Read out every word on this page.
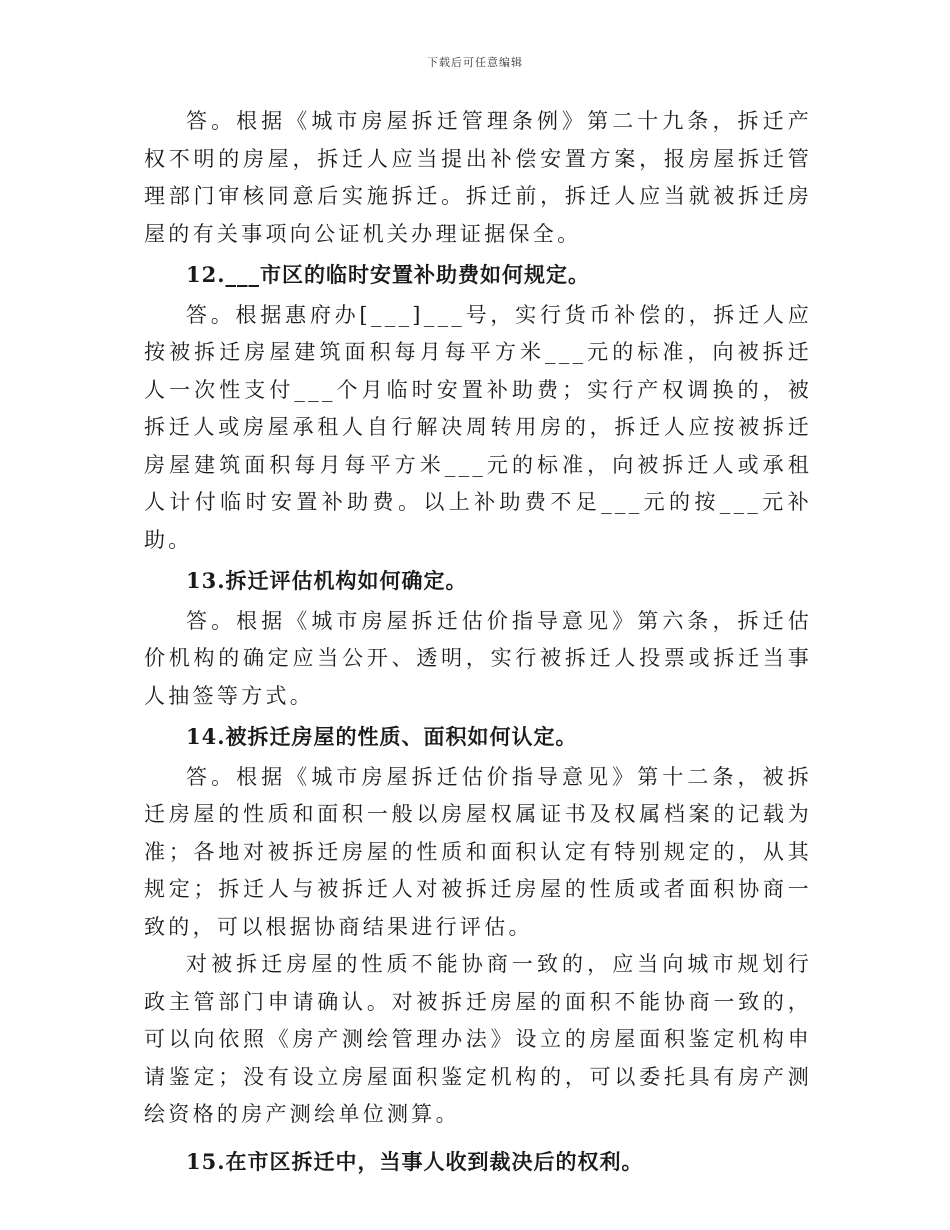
下载后可任意编辑

答。根据《城市房屋拆迁管理条例》第二十九条，拆迁产权不明的房屋，拆迁人应当提出补偿安置方案，报房屋拆迁管理部门审核同意后实施拆迁。拆迁前，拆迁人应当就被拆迁房屋的有关事项向公证机关办理证据保全。

12.___市区的临时安置补助费如何规定。

答。根据惠府办[___]___号，实行货币补偿的，拆迁人应按被拆迁房屋建筑面积每月每平方米___元的标准，向被拆迁人一次性支付___个月临时安置补助费；实行产权调换的，被拆迁人或房屋承租人自行解决周转用房的，拆迁人应按被拆迁房屋建筑面积每月每平方米___元的标准，向被拆迁人或承租人计付临时安置补助费。以上补助费不足___元的按___元补助。

13.拆迁评估机构如何确定。

答。根据《城市房屋拆迁估价指导意见》第六条，拆迁估价机构的确定应当公开、透明，实行被拆迁人投票或拆迁当事人抽签等方式。

14.被拆迁房屋的性质、面积如何认定。

答。根据《城市房屋拆迁估价指导意见》第十二条，被拆迁房屋的性质和面积一般以房屋权属证书及权属档案的记载为准；各地对被拆迁房屋的性质和面积认定有特别规定的，从其规定；拆迁人与被拆迁人对被拆迁房屋的性质或者面积协商一致的，可以根据协商结果进行评估。

对被拆迁房屋的性质不能协商一致的，应当向城市规划行政主管部门申请确认。对被拆迁房屋的面积不能协商一致的，可以向依照《房产测绘管理办法》设立的房屋面积鉴定机构申请鉴定；没有设立房屋面积鉴定机构的，可以委托具有房产测绘资格的房产测绘单位测算。

15.在市区拆迁中，当事人收到裁决后的权利。
